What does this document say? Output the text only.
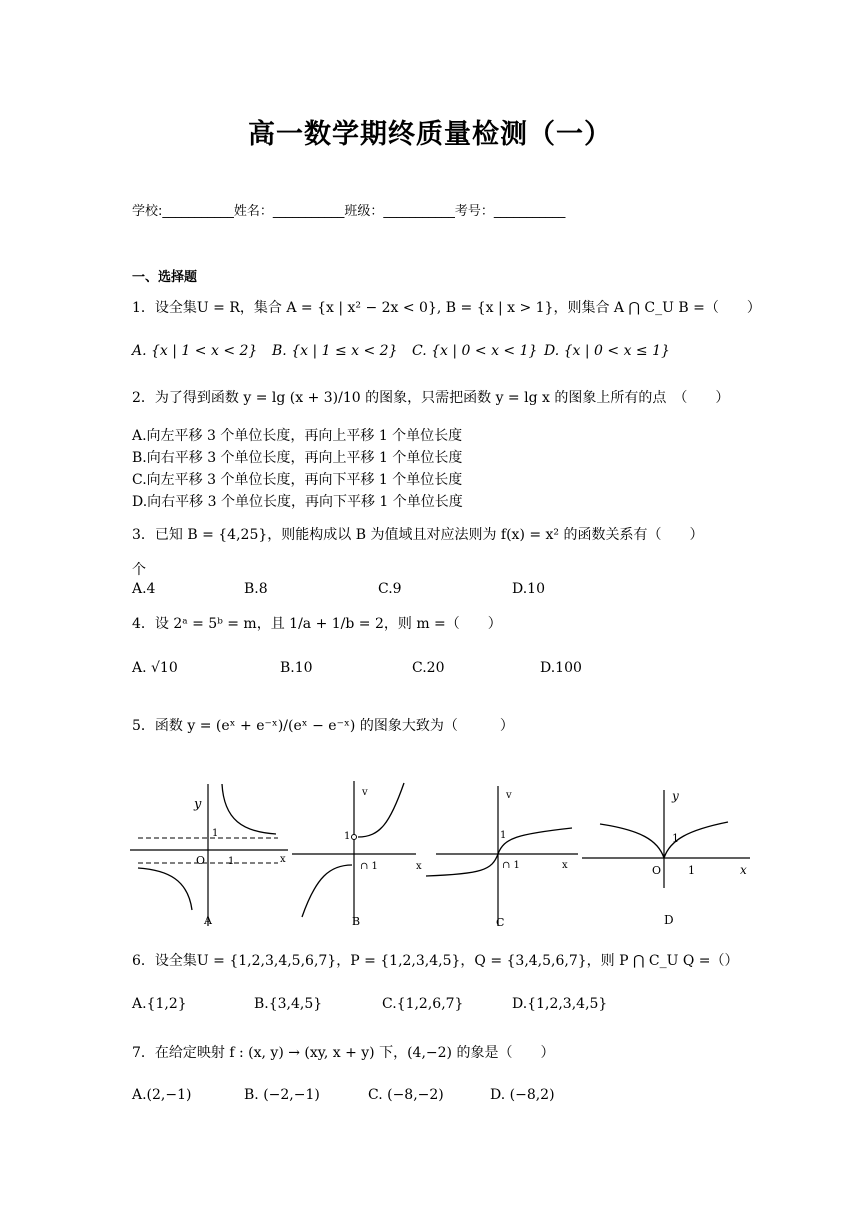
高一数学期终质量检测（一）
学校:___________姓名：___________班级：___________考号：___________
一、选择题
1．设全集U = R，集合 A = {x | x² − 2x < 0}, B = {x | x > 1}，则集合 A ⋂ C_U B =（　　）
A. {x | 1 < x < 2} B. {x | 1 ≤ x < 2} C. {x | 0 < x < 1} D. {x | 0 < x ≤ 1}
2．为了得到函数 y = lg (x + 3)/10 的图象，只需把函数 y = lg x 的图象上所有的点　（　　）
A.向左平移 3 个单位长度，再向上平移 1 个单位长度
B.向右平移 3 个单位长度，再向上平移 1 个单位长度
C.向左平移 3 个单位长度，再向下平移 1 个单位长度
D.向右平移 3 个单位长度，再向下平移 1 个单位长度
3．已知 B = {4,25}，则能构成以 B 为值域且对应法则为 f(x) = x² 的函数关系有（　　）
个
A.4	B.8	C.9	D.10
4．设 2ᵃ = 5ᵇ = m，且 1/a + 1/b = 2，则 m =（　　）
A. √10	B.10	C.20	D.100
5．函数 y = (eˣ + e⁻ˣ)/(eˣ − e⁻ˣ) 的图象大致为（　　　）
y
1
O 1	x
A
v
1
∩ 1	x
B
v
1
∩ 1	x
C
y
1
O 1	x
D
6．设全集U = {1,2,3,4,5,6,7}，P = {1,2,3,4,5}，Q = {3,4,5,6,7}，则 P ⋂ C_U Q =（）
A.{1,2}	B.{3,4,5}	C.{1,2,6,7}	D.{1,2,3,4,5}
7．在给定映射 f : (x, y) → (xy, x + y) 下，(4,−2) 的象是（　　）
A.(2,−1)	B. (−2,−1)	C. (−8,−2)	D. (−8,2)
